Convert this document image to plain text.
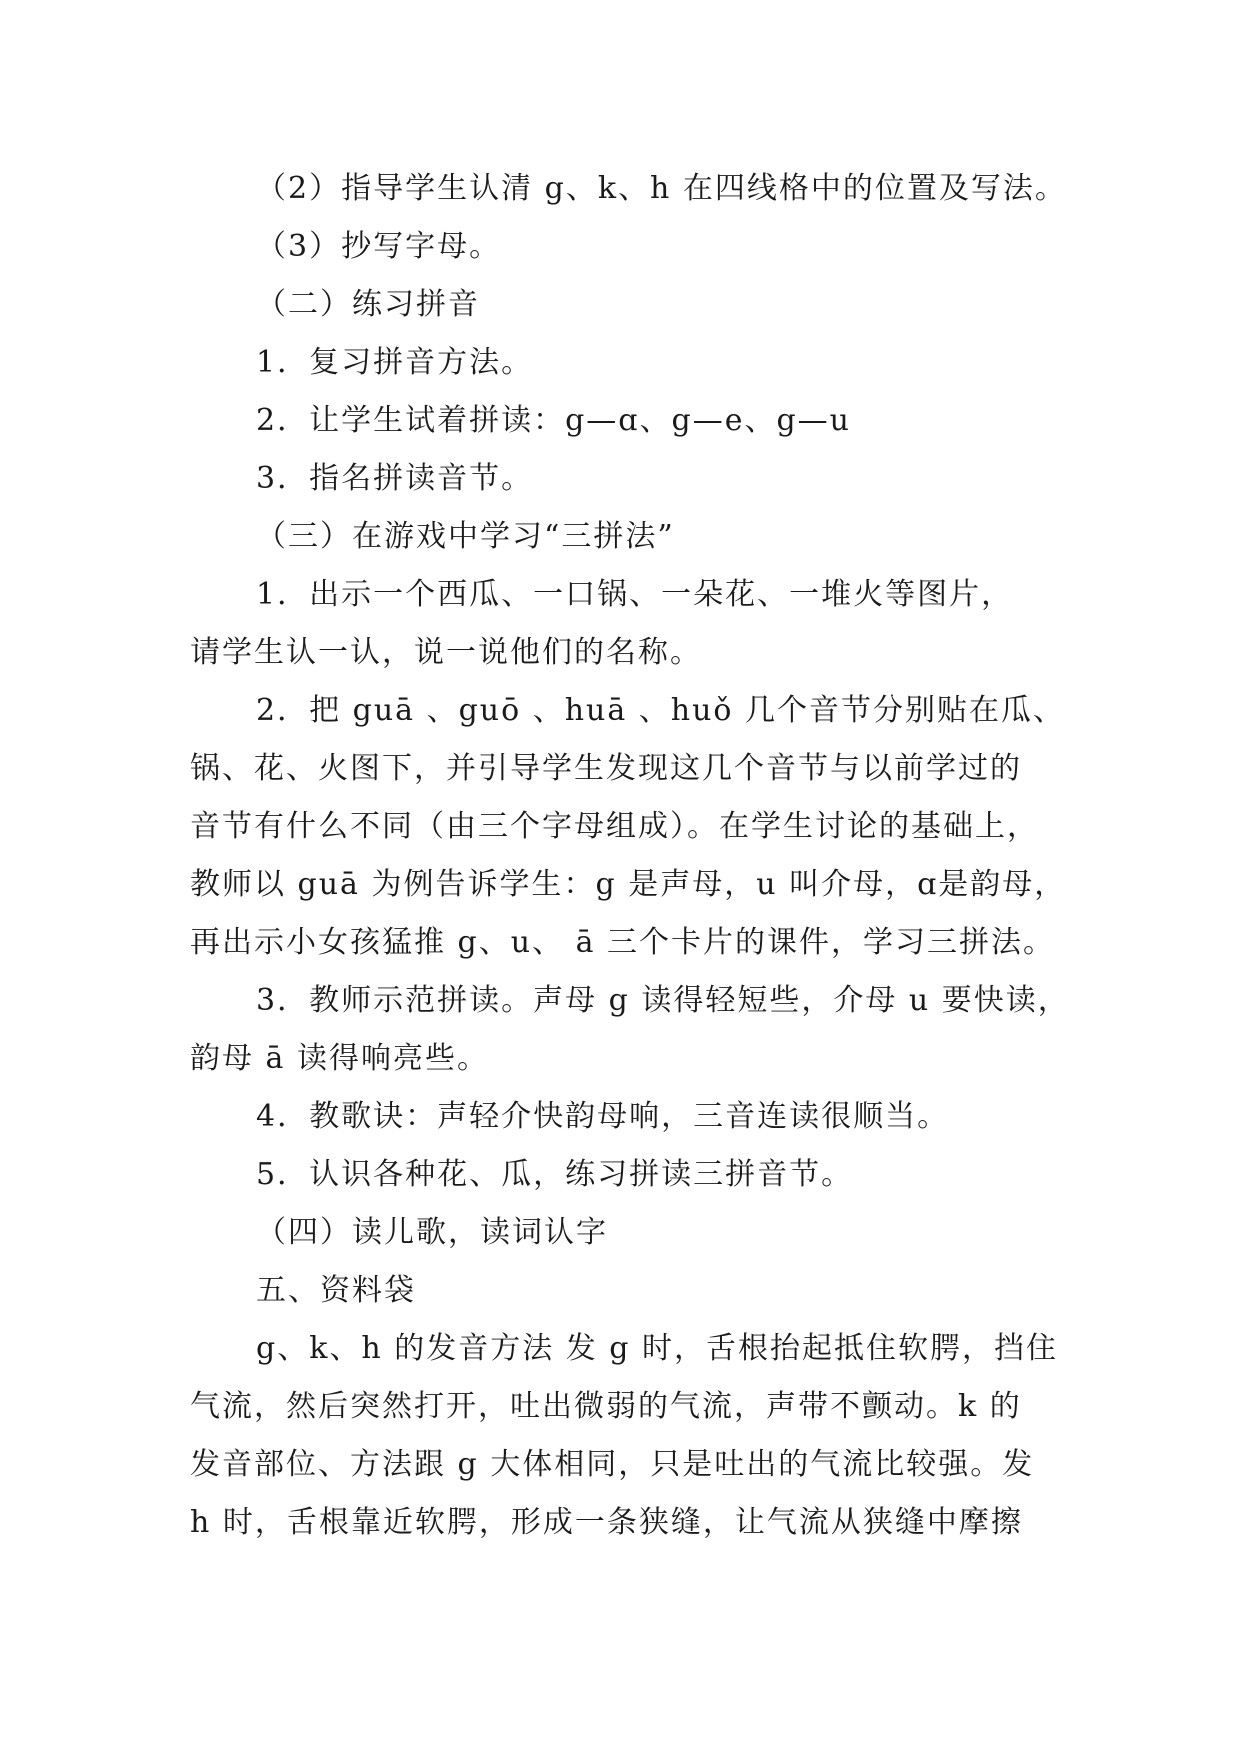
（2）指导学生认清 g、k、h 在四线格中的位置及写法。
（3）抄写字母。
（二）练习拼音
1．复习拼音方法。
2．让学生试着拼读：g—ɑ、g—e、g—u
3．指名拼读音节。
（三）在游戏中学习“三拼法”
1．出示一个西瓜、一口锅、一朵花、一堆火等图片，
请学生认一认，说一说他们的名称。
2．把 guā 、guō 、huā 、huǒ 几个音节分别贴在瓜、
锅、花、火图下，并引导学生发现这几个音节与以前学过的
音节有什么不同（由三个字母组成）。在学生讨论的基础上，
教师以 guā 为例告诉学生：g 是声母，u 叫介母，ɑ是韵母，
再出示小女孩猛推 g、u、 ā 三个卡片的课件，学习三拼法。
3．教师示范拼读。声母 g 读得轻短些，介母 u 要快读，
韵母 ā 读得响亮些。
4．教歌诀：声轻介快韵母响，三音连读很顺当。
5．认识各种花、瓜，练习拼读三拼音节。
（四）读儿歌，读词认字
五、资料袋
g、k、h 的发音方法 发 g 时，舌根抬起抵住软腭，挡住
气流，然后突然打开，吐出微弱的气流，声带不颤动。k 的
发音部位、方法跟 g 大体相同，只是吐出的气流比较强。发
h 时，舌根靠近软腭，形成一条狭缝，让气流从狭缝中摩擦
